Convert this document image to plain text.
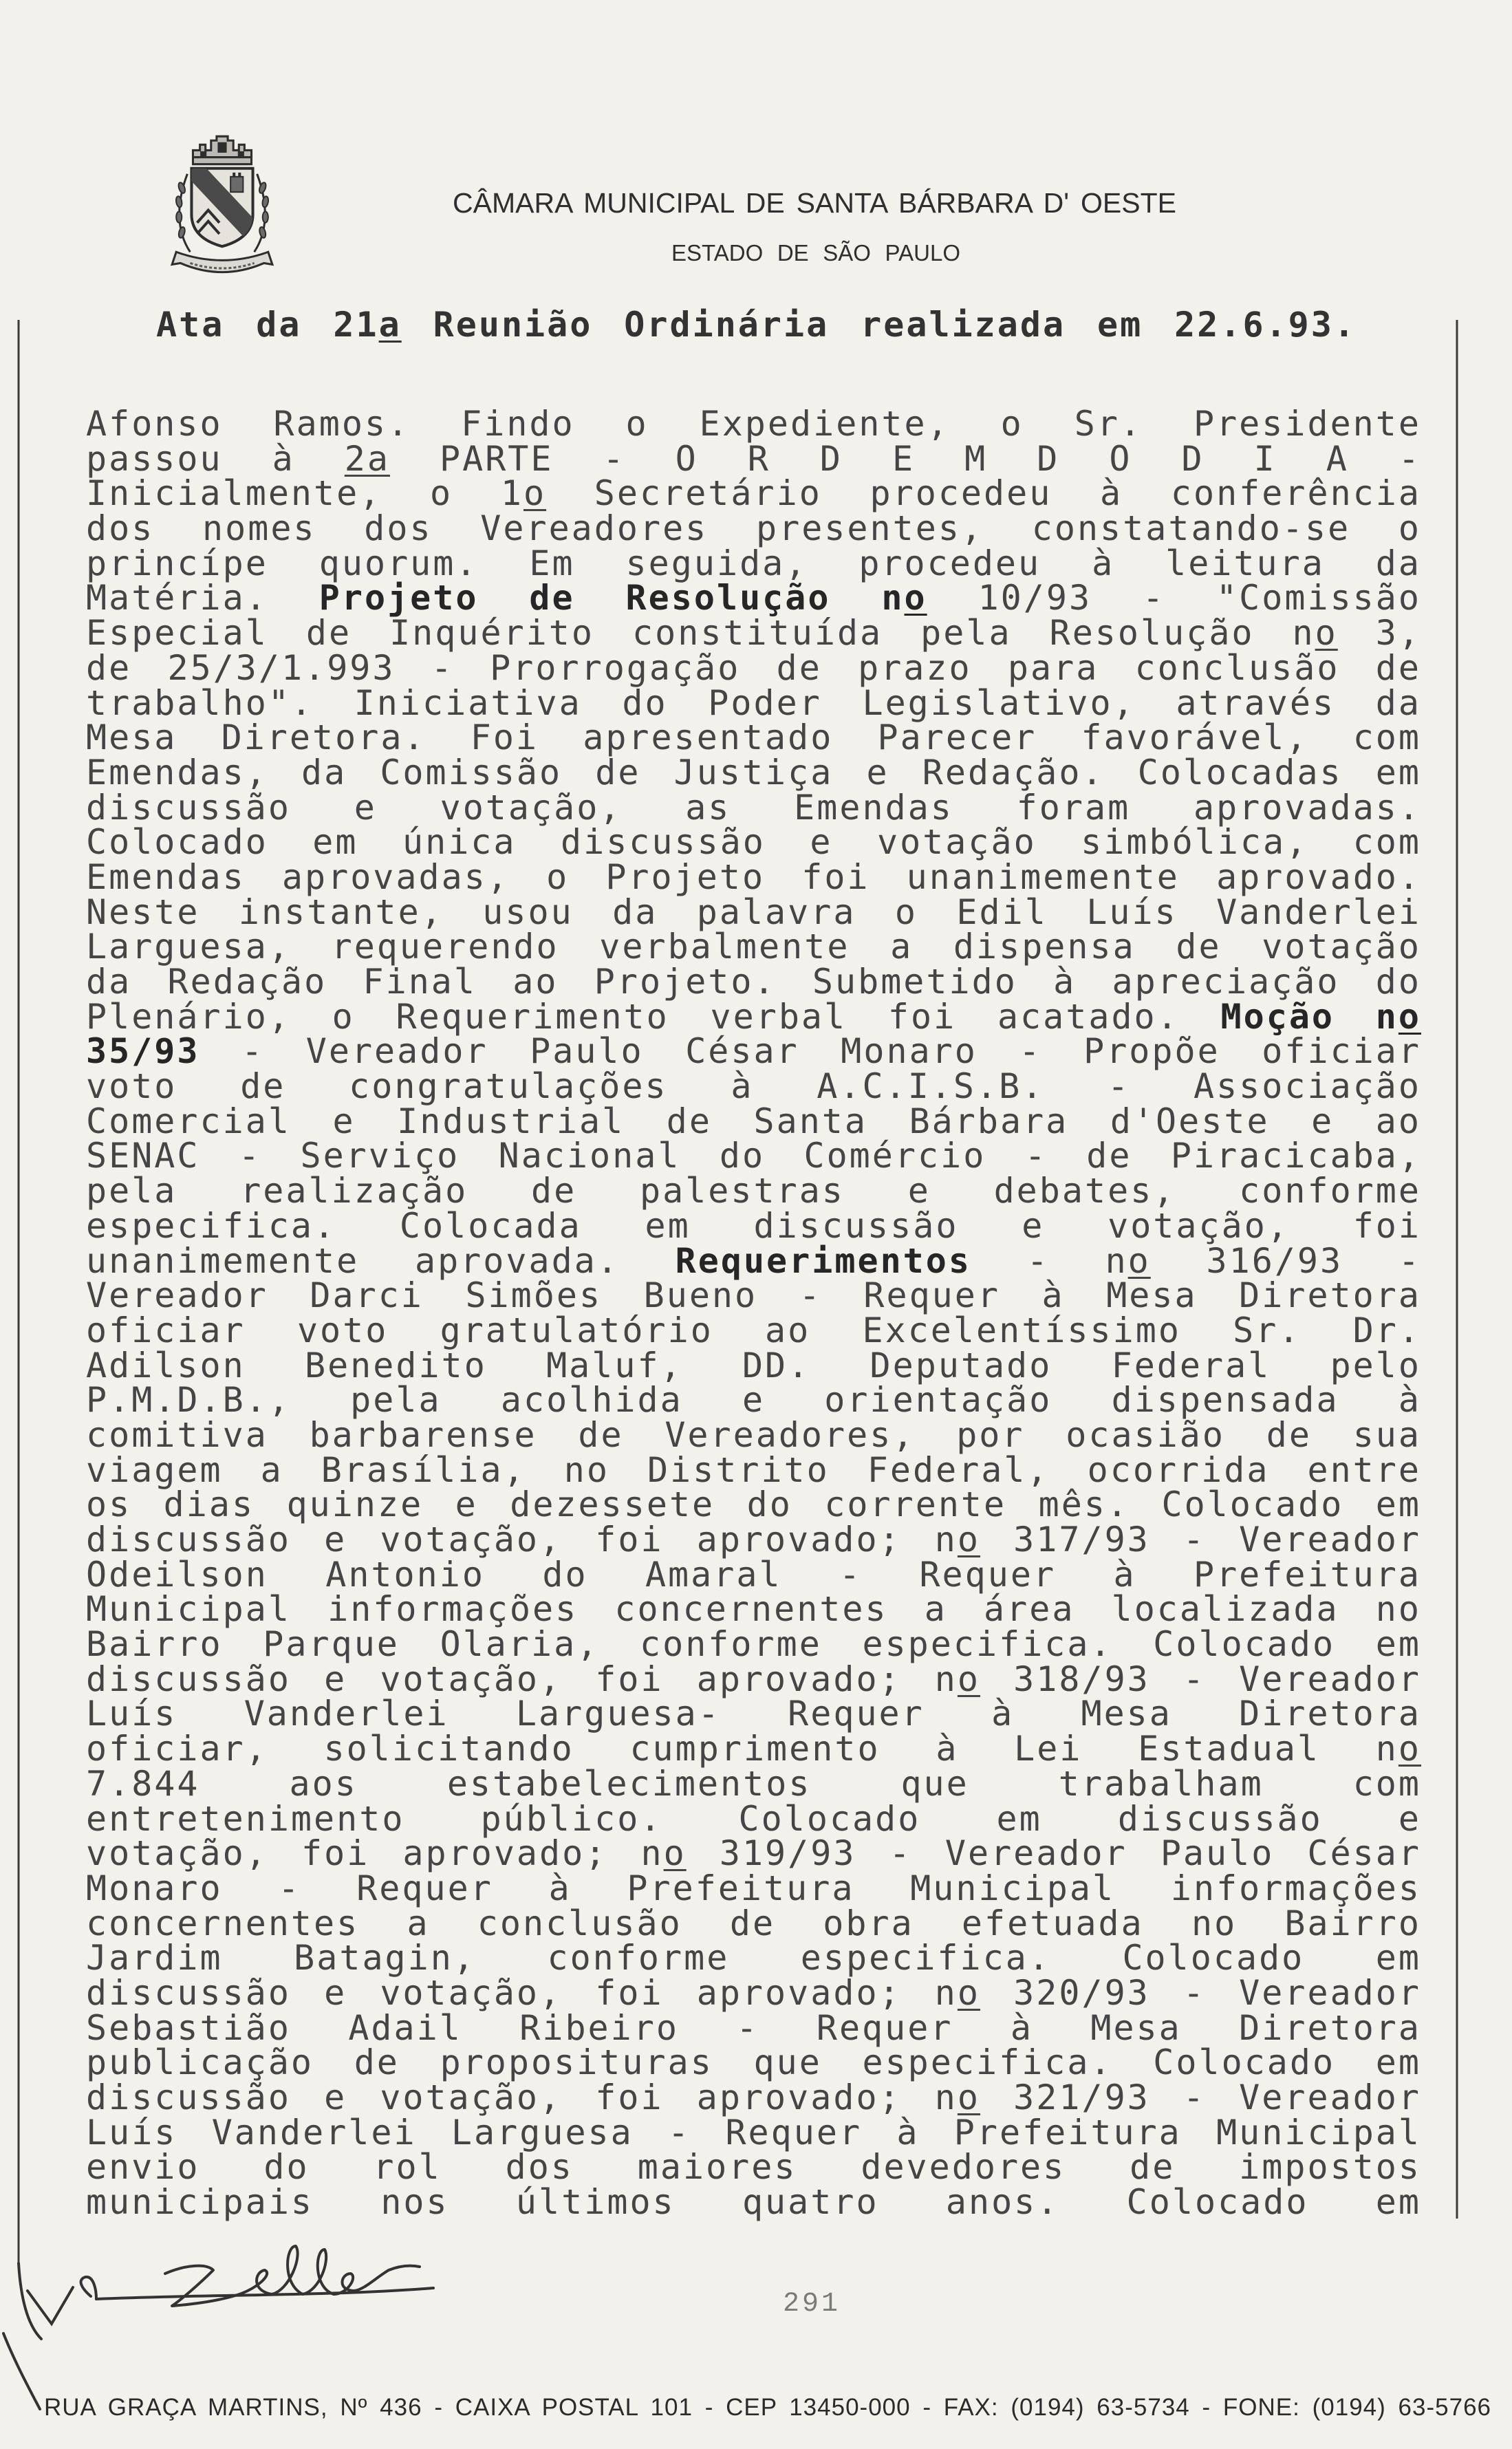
CÂMARA MUNICIPAL DE SANTA BÁRBARA D' OESTE
ESTADO DE SÃO PAULO
Ata da 21a Reunião Ordinária realizada em 22.6.93.
Afonso Ramos. Findo o Expediente, o Sr. Presidente
passou à 2a PARTE - O R D E M D O D I A -
Inicialmente, o 1o Secretário procedeu à conferência
dos nomes dos Vereadores presentes, constatando-se o
princípe quorum. Em seguida, procedeu à leitura da
Matéria. Projeto de Resolução no 10/93 - "Comissão
Especial de Inquérito constituída pela Resolução no 3,
de 25/3/1.993 - Prorrogação de prazo para conclusão de
trabalho". Iniciativa do Poder Legislativo, através da
Mesa Diretora. Foi apresentado Parecer favorável, com
Emendas, da Comissão de Justiça e Redação. Colocadas em
discussão e votação, as Emendas foram aprovadas.
Colocado em única discussão e votação simbólica, com
Emendas aprovadas, o Projeto foi unanimemente aprovado.
Neste instante, usou da palavra o Edil Luís Vanderlei
Larguesa, requerendo verbalmente a dispensa de votação
da Redação Final ao Projeto. Submetido à apreciação do
Plenário, o Requerimento verbal foi acatado. Moção no
35/93 - Vereador Paulo César Monaro - Propõe oficiar
voto de congratulações à A.C.I.S.B. - Associação
Comercial e Industrial de Santa Bárbara d'Oeste e ao
SENAC - Serviço Nacional do Comércio - de Piracicaba,
pela realização de palestras e debates, conforme
especifica. Colocada em discussão e votação, foi
unanimemente aprovada. Requerimentos - no 316/93 -
Vereador Darci Simões Bueno - Requer à Mesa Diretora
oficiar voto gratulatório ao Excelentíssimo Sr. Dr.
Adilson Benedito Maluf, DD. Deputado Federal pelo
P.M.D.B., pela acolhida e orientação dispensada à
comitiva barbarense de Vereadores, por ocasião de sua
viagem a Brasília, no Distrito Federal, ocorrida entre
os dias quinze e dezessete do corrente mês. Colocado em
discussão e votação, foi aprovado; no 317/93 - Vereador
Odeilson Antonio do Amaral - Requer à Prefeitura
Municipal informações concernentes a área localizada no
Bairro Parque Olaria, conforme especifica. Colocado em
discussão e votação, foi aprovado; no 318/93 - Vereador
Luís Vanderlei Larguesa- Requer à Mesa Diretora
oficiar, solicitando cumprimento à Lei Estadual no
7.844 aos estabelecimentos que trabalham com
entretenimento público. Colocado em discussão e
votação, foi aprovado; no 319/93 - Vereador Paulo César
Monaro - Requer à Prefeitura Municipal informações
concernentes a conclusão de obra efetuada no Bairro
Jardim Batagin, conforme especifica. Colocado em
discussão e votação, foi aprovado; no 320/93 - Vereador
Sebastião Adail Ribeiro - Requer à Mesa Diretora
publicação de proposituras que especifica. Colocado em
discussão e votação, foi aprovado; no 321/93 - Vereador
Luís Vanderlei Larguesa - Requer à Prefeitura Municipal
envio do rol dos maiores devedores de impostos
municipais nos últimos quatro anos. Colocado em
291
RUA GRAÇA MARTINS, Nº 436 - CAIXA POSTAL 101 - CEP 13450-000 - FAX: (0194) 63-5734 - FONE: (0194) 63-5766
